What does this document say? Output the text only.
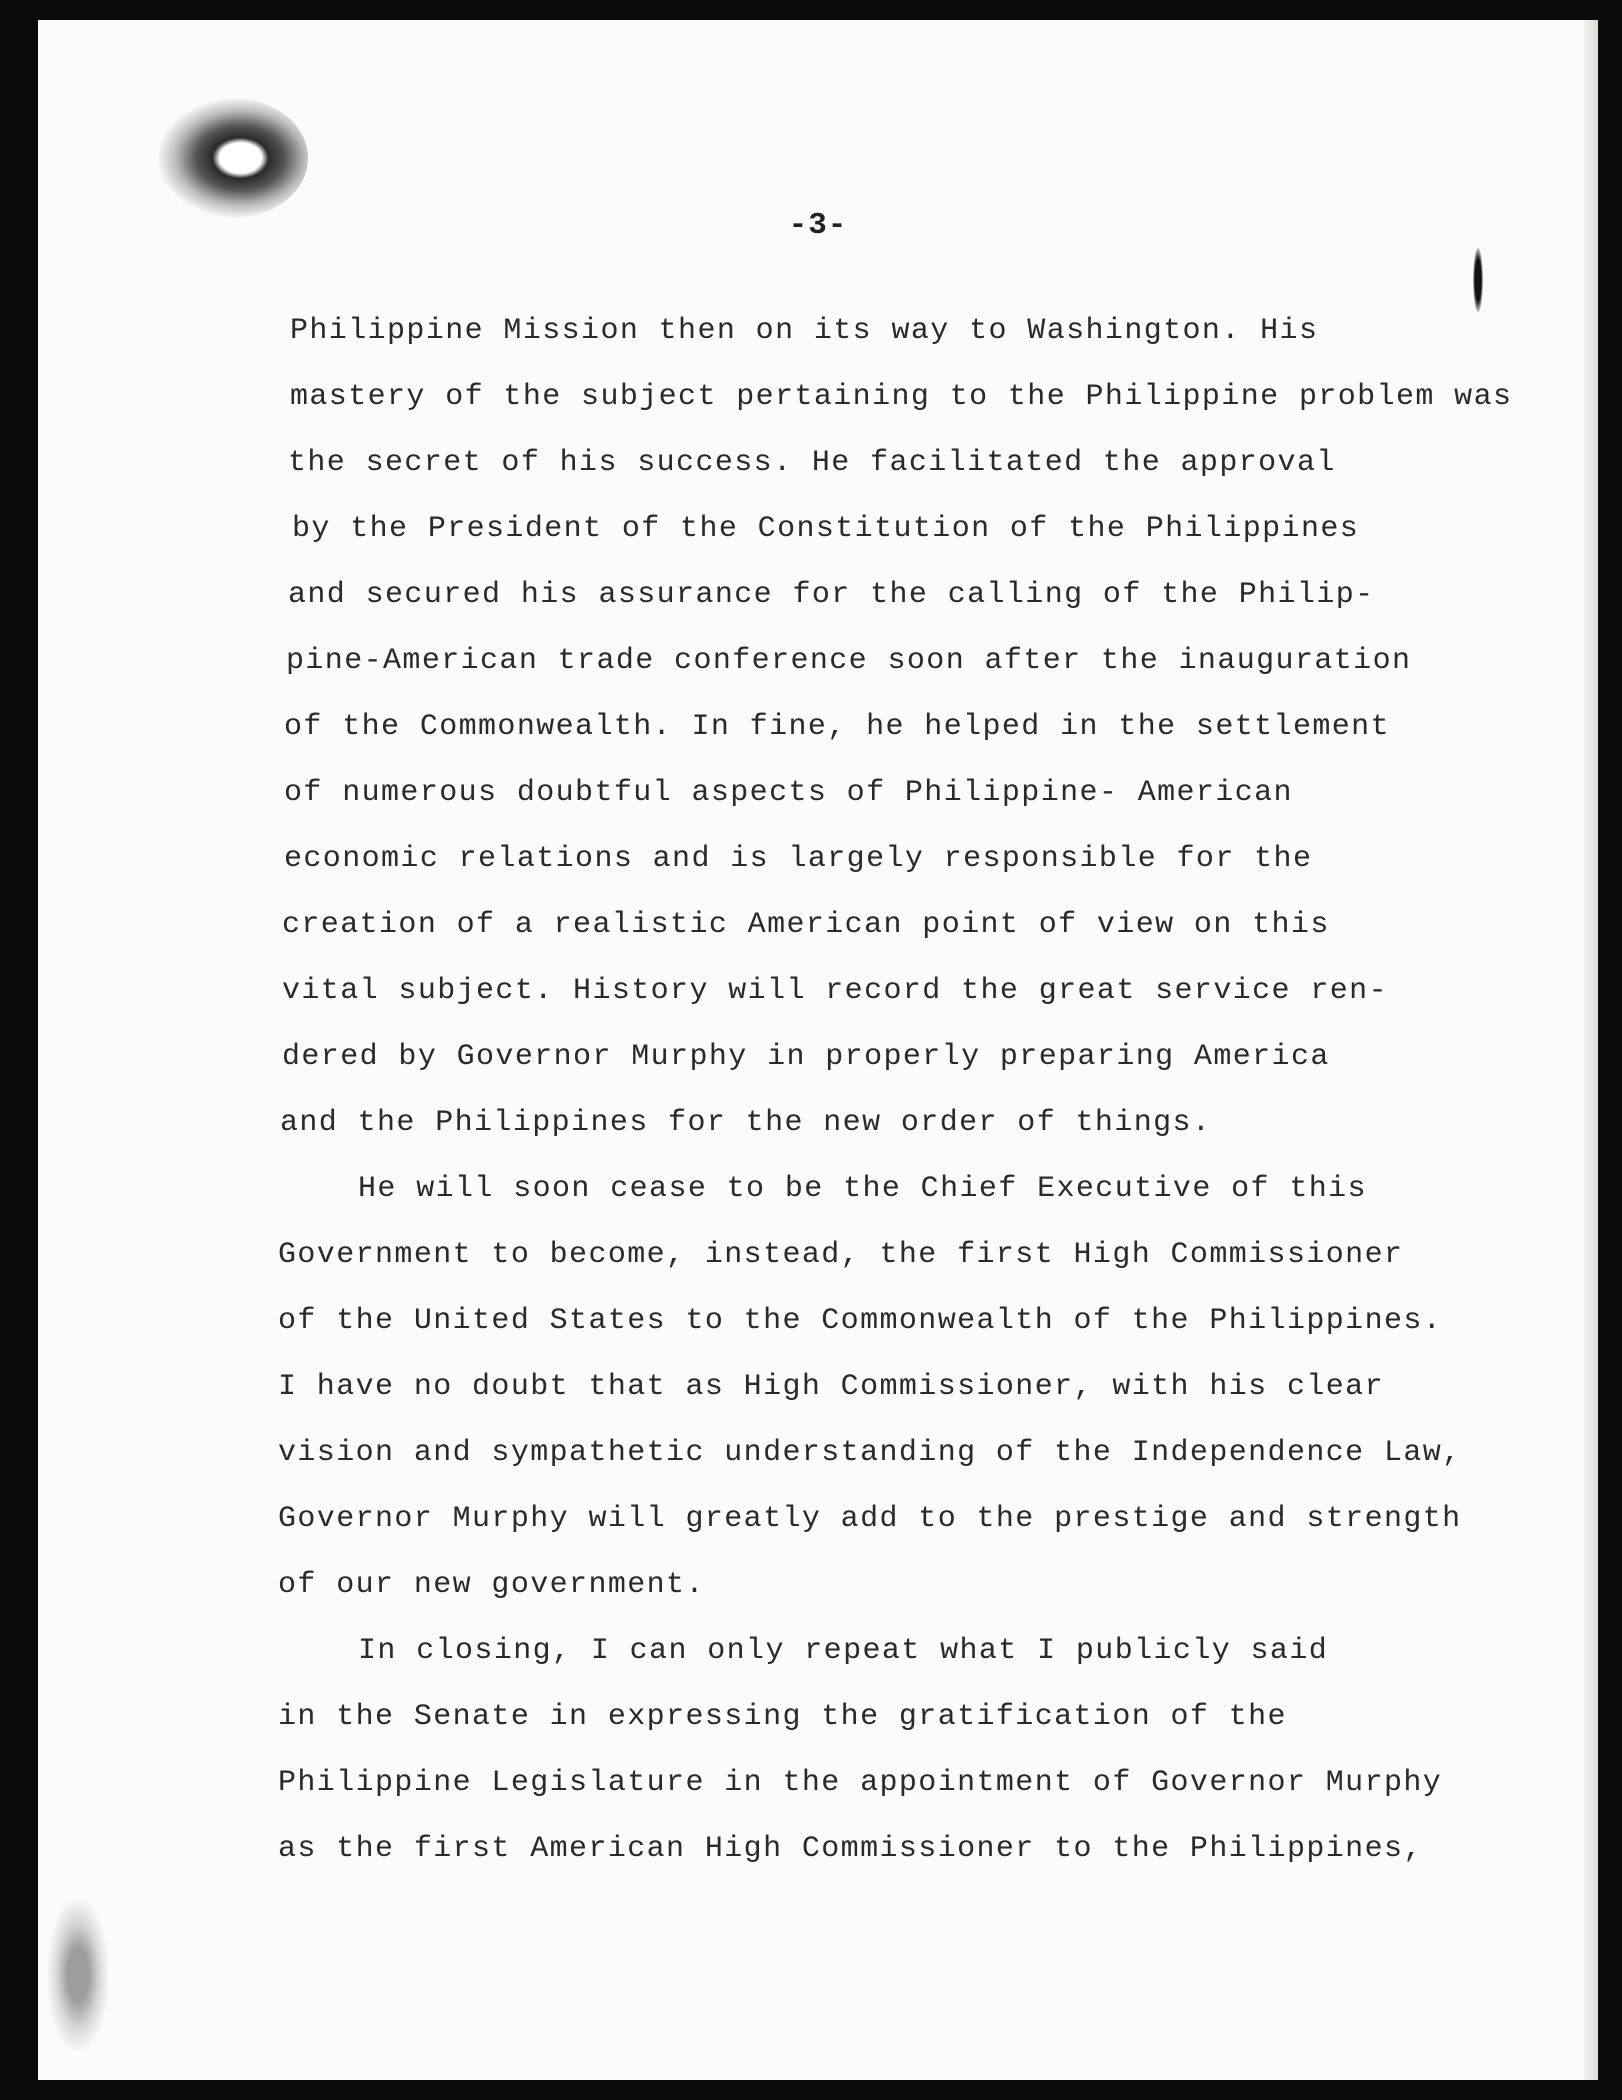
-3-
Philippine Mission then on its way to Washington. His
mastery of the subject pertaining to the Philippine problem was
the secret of his success. He facilitated the approval
by the President of the Constitution of the Philippines
and secured his assurance for the calling of the Philip-
pine-American trade conference soon after the inauguration
of the Commonwealth. In fine, he helped in the settlement
of numerous doubtful aspects of Philippine- American
economic relations and is largely responsible for the
creation of a realistic American point of view on this
vital subject. History will record the great service ren-
dered by Governor Murphy in properly preparing America
and the Philippines for the new order of things.
He will soon cease to be the Chief Executive of this
Government to become, instead, the first High Commissioner
of the United States to the Commonwealth of the Philippines.
I have no doubt that as High Commissioner, with his clear
vision and sympathetic understanding of the Independence Law,
Governor Murphy will greatly add to the prestige and strength
of our new government.
In closing, I can only repeat what I publicly said
in the Senate in expressing the gratification of the
Philippine Legislature in the appointment of Governor Murphy
as the first American High Commissioner to the Philippines,
